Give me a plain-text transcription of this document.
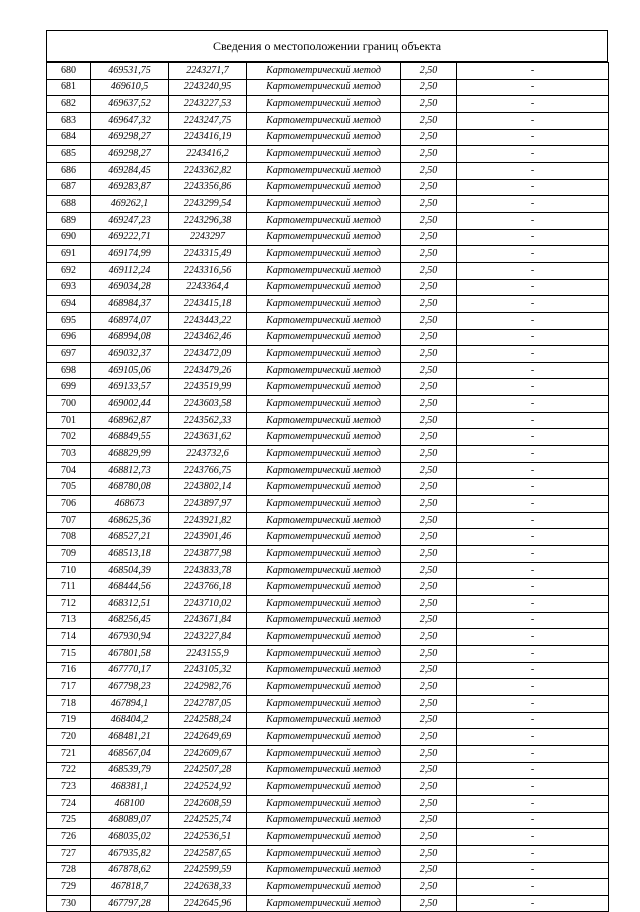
Сведения о местоположении границ объекта
680	469531,75	2243271,7	Картометрический метод	2,50	-
681	469610,5	2243240,95	Картометрический метод	2,50	-
682	469637,52	2243227,53	Картометрический метод	2,50	-
683	469647,32	2243247,75	Картометрический метод	2,50	-
684	469298,27	2243416,19	Картометрический метод	2,50	-
685	469298,27	2243416,2	Картометрический метод	2,50	-
686	469284,45	2243362,82	Картометрический метод	2,50	-
687	469283,87	2243356,86	Картометрический метод	2,50	-
688	469262,1	2243299,54	Картометрический метод	2,50	-
689	469247,23	2243296,38	Картометрический метод	2,50	-
690	469222,71	2243297	Картометрический метод	2,50	-
691	469174,99	2243315,49	Картометрический метод	2,50	-
692	469112,24	2243316,56	Картометрический метод	2,50	-
693	469034,28	2243364,4	Картометрический метод	2,50	-
694	468984,37	2243415,18	Картометрический метод	2,50	-
695	468974,07	2243443,22	Картометрический метод	2,50	-
696	468994,08	2243462,46	Картометрический метод	2,50	-
697	469032,37	2243472,09	Картометрический метод	2,50	-
698	469105,06	2243479,26	Картометрический метод	2,50	-
699	469133,57	2243519,99	Картометрический метод	2,50	-
700	469002,44	2243603,58	Картометрический метод	2,50	-
701	468962,87	2243562,33	Картометрический метод	2,50	-
702	468849,55	2243631,62	Картометрический метод	2,50	-
703	468829,99	2243732,6	Картометрический метод	2,50	-
704	468812,73	2243766,75	Картометрический метод	2,50	-
705	468780,08	2243802,14	Картометрический метод	2,50	-
706	468673	2243897,97	Картометрический метод	2,50	-
707	468625,36	2243921,82	Картометрический метод	2,50	-
708	468527,21	2243901,46	Картометрический метод	2,50	-
709	468513,18	2243877,98	Картометрический метод	2,50	-
710	468504,39	2243833,78	Картометрический метод	2,50	-
711	468444,56	2243766,18	Картометрический метод	2,50	-
712	468312,51	2243710,02	Картометрический метод	2,50	-
713	468256,45	2243671,84	Картометрический метод	2,50	-
714	467930,94	2243227,84	Картометрический метод	2,50	-
715	467801,58	2243155,9	Картометрический метод	2,50	-
716	467770,17	2243105,32	Картометрический метод	2,50	-
717	467798,23	2242982,76	Картометрический метод	2,50	-
718	467894,1	2242787,05	Картометрический метод	2,50	-
719	468404,2	2242588,24	Картометрический метод	2,50	-
720	468481,21	2242649,69	Картометрический метод	2,50	-
721	468567,04	2242609,67	Картометрический метод	2,50	-
722	468539,79	2242507,28	Картометрический метод	2,50	-
723	468381,1	2242524,92	Картометрический метод	2,50	-
724	468100	2242608,59	Картометрический метод	2,50	-
725	468089,07	2242525,74	Картометрический метод	2,50	-
726	468035,02	2242536,51	Картометрический метод	2,50	-
727	467935,82	2242587,65	Картометрический метод	2,50	-
728	467878,62	2242599,59	Картометрический метод	2,50	-
729	467818,7	2242638,33	Картометрический метод	2,50	-
730	467797,28	2242645,96	Картометрический метод	2,50	-
